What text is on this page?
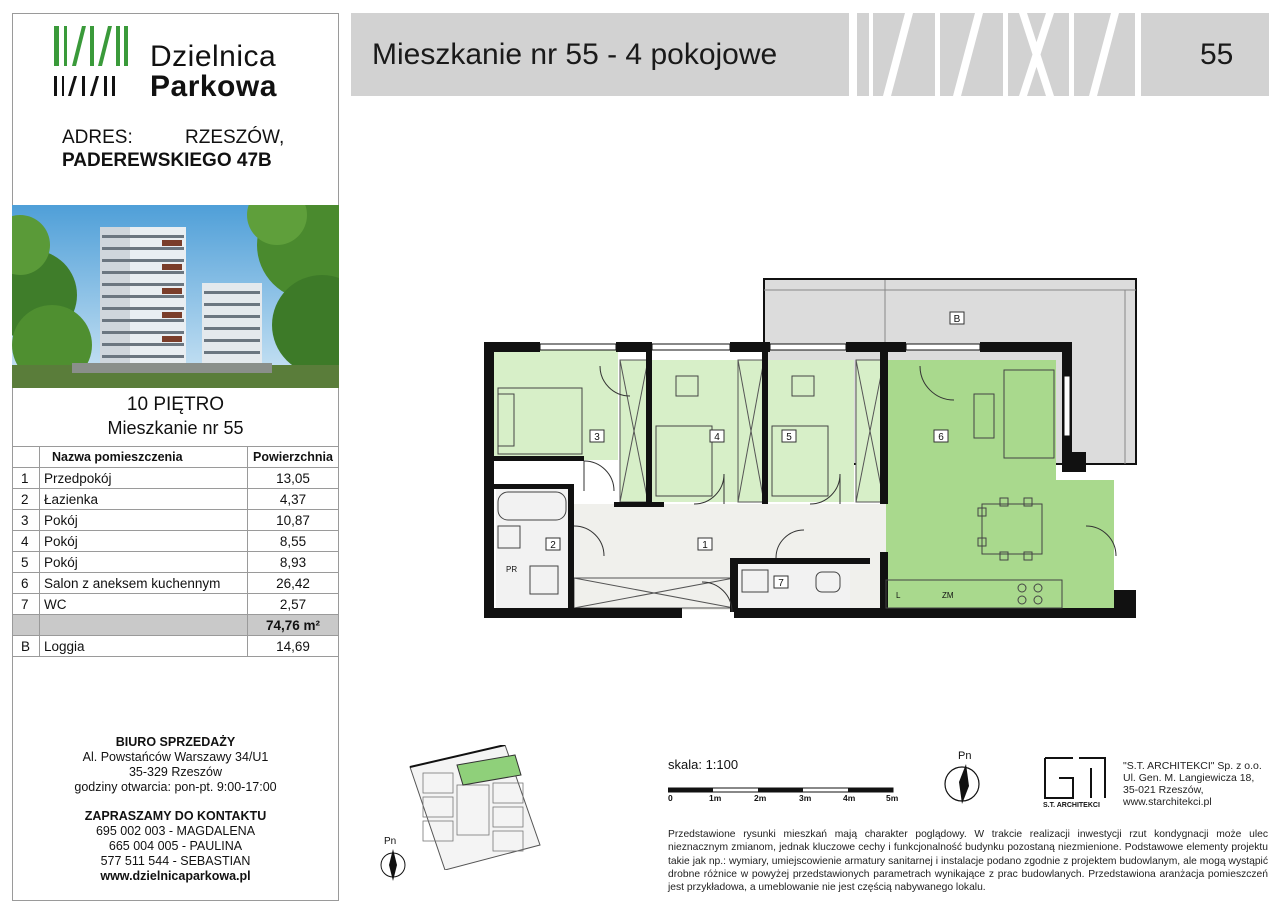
Dzielnica
Parkowa
ADRES:	RZESZÓW,
PADEREWSKIEGO 47B
10 PIĘTRO
Mieszkanie nr 55
	Nazwa pomieszczenia	Powierzchnia
1	Przedpokój	13,05
2	Łazienka	4,37
3	Pokój	10,87
4	Pokój	8,55
5	Pokój	8,93
6	Salon z aneksem kuchennym	26,42
7	WC	2,57
		74,76 m²
B	Loggia	14,69
BIURO SPRZEDAŻY
Al. Powstańców Warszawy 34/U1
35-329 Rzeszów
godziny otwarcia: pon-pt. 9:00-17:00
ZAPRASZAMY DO KONTAKTU
695 002 003 - MAGDALENA
665 004 005 - PAULINA
577 511 544 - SEBASTIAN
www.dzielnicaparkowa.pl
Mieszkanie nr 55 - 4 pokojowe	55
3	4	5	6
1
2
7
B
PR
L	ZM
Pn
skala: 1:100
0	1m	2m	3m	4m	5m
Pn
S.T. ARCHITEKCI
"S.T. ARCHITEKCI" Sp. z o.o.
Ul. Gen. M. Langiewicza 18,
35-021 Rzeszów,
www.starchitekci.pl
Przedstawione rysunki mieszkań mają charakter poglądowy. W trakcie realizacji inwestycji rzut kondygnacji może ulec nieznacznym zmianom, jednak kluczowe cechy i funkcjonalność budynku pozostaną niezmienione. Podstawowe elementy projektu takie jak np.: wymiary, umiejscowienie armatury sanitarnej i instalacje podano zgodnie z projektem budowlanym, ale mogą wystąpić drobne różnice w powyżej przedstawionych parametrach wynikające z prac budowlanych. Przedstawiona aranżacja pomieszczeń jest przykładowa, a umeblowanie nie jest częścią nabywanego lokalu.
